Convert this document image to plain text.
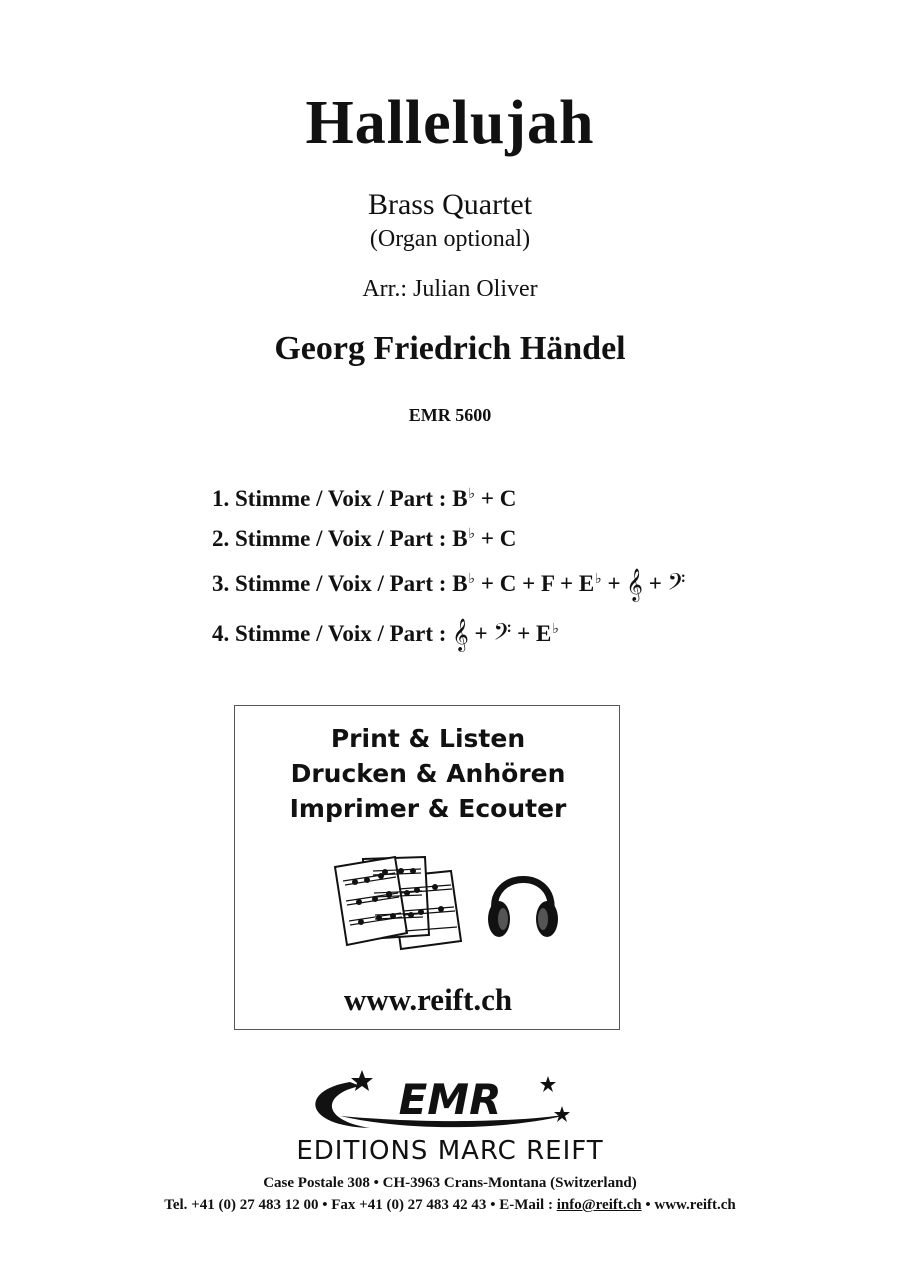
Hallelujah
Brass Quartet
(Organ optional)
Arr.: Julian Oliver
Georg Friedrich Händel
EMR 5600
1. Stimme / Voix / Part : B♭ + C
2. Stimme / Voix / Part : B♭ + C
3. Stimme / Voix / Part : B♭ + C + F + E♭ + 𝄞 + 𝄢
4. Stimme / Voix / Part : 𝄞 + 𝄢 + E♭
Print & Listen
Drucken & Anhören
Imprimer & Ecouter
www.reift.ch
EMR
EDITIONS MARC REIFT
Case Postale 308 • CH-3963 Crans-Montana (Switzerland)
Tel. +41 (0) 27 483 12 00 • Fax +41 (0) 27 483 42 43 • E-Mail : info@reift.ch • www.reift.ch
